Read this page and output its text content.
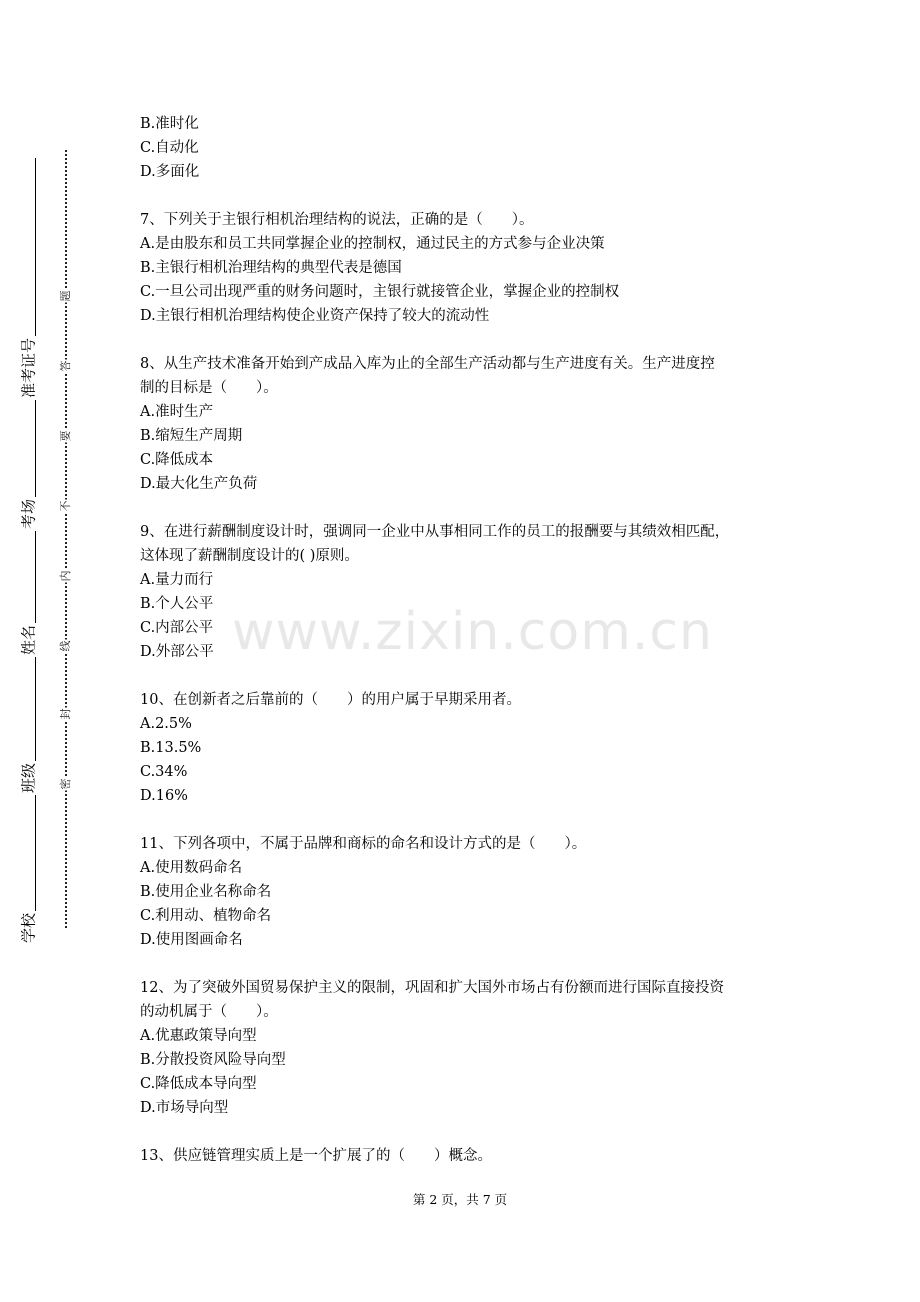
准考证号
考场
姓名
班级
学校
题
答
要
不
内
线
封
密
www.zixin.com.cn
B.准时化
C.自动化
D.多面化
7、下列关于主银行相机治理结构的说法，正确的是（　　）。
A.是由股东和员工共同掌握企业的控制权，通过民主的方式参与企业决策
B.主银行相机治理结构的典型代表是德国
C.一旦公司出现严重的财务问题时，主银行就接管企业，掌握企业的控制权
D.主银行相机治理结构使企业资产保持了较大的流动性
8、从生产技术准备开始到产成品入库为止的全部生产活动都与生产进度有关。生产进度控
制的目标是（　　）。
A.准时生产
B.缩短生产周期
C.降低成本
D.最大化生产负荷
9、在进行薪酬制度设计时，强调同一企业中从事相同工作的员工的报酬要与其绩效相匹配，
这体现了薪酬制度设计的( )原则。
A.量力而行
B.个人公平
C.内部公平
D.外部公平
10、在创新者之后靠前的（　　）的用户属于早期采用者。
A.2.5%
B.13.5%
C.34%
D.16%
11、下列各项中，不属于品牌和商标的命名和设计方式的是（　　）。
A.使用数码命名
B.使用企业名称命名
C.利用动、植物命名
D.使用图画命名
12、为了突破外国贸易保护主义的限制，巩固和扩大国外市场占有份额而进行国际直接投资
的动机属于（　　）。
A.优惠政策导向型
B.分散投资风险导向型
C.降低成本导向型
D.市场导向型
13、供应链管理实质上是一个扩展了的（　　）概念。
第 2 页，共 7 页
